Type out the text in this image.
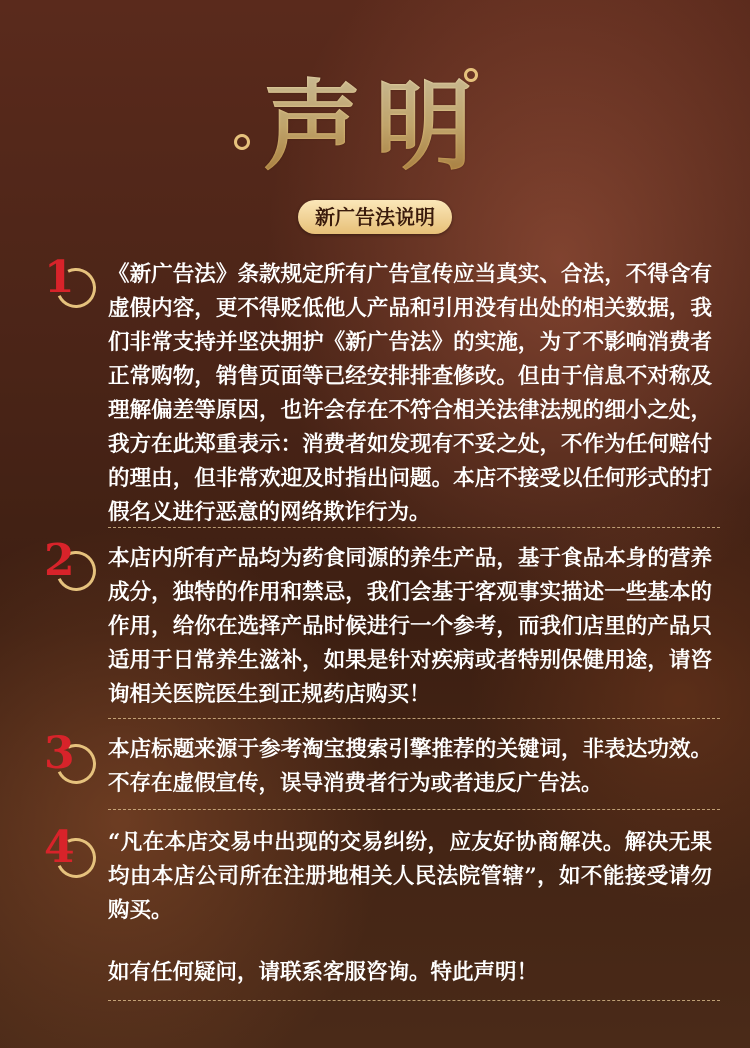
声明
新广告法说明
1 《新广告法》条款规定所有广告宣传应当真实、合法，不得含有虚假内容，更不得贬低他人产品和引用没有出处的相关数据，我们非常支持并坚决拥护《新广告法》的实施，为了不影响消费者正常购物，销售页面等已经安排排查修改。但由于信息不对称及理解偏差等原因，也许会存在不符合相关法律法规的细小之处，我方在此郑重表示：消费者如发现有不妥之处，不作为任何赔付的理由，但非常欢迎及时指出问题。本店不接受以任何形式的打假名义进行恶意的网络欺诈行为。
2 本店内所有产品均为药食同源的养生产品，基于食品本身的营养成分，独特的作用和禁忌，我们会基于客观事实描述一些基本的作用，给你在选择产品时候进行一个参考，而我们店里的产品只适用于日常养生滋补，如果是针对疾病或者特别保健用途，请咨询相关医院医生到正规药店购买！
3 本店标题来源于参考淘宝搜索引擎推荐的关键词，非表达功效。不存在虚假宣传，误导消费者行为或者违反广告法。
4 “凡在本店交易中出现的交易纠纷，应友好协商解决。解决无果均由本店公司所在注册地相关人民法院管辖”，如不能接受请勿购买。
如有任何疑问，请联系客服咨询。特此声明！
